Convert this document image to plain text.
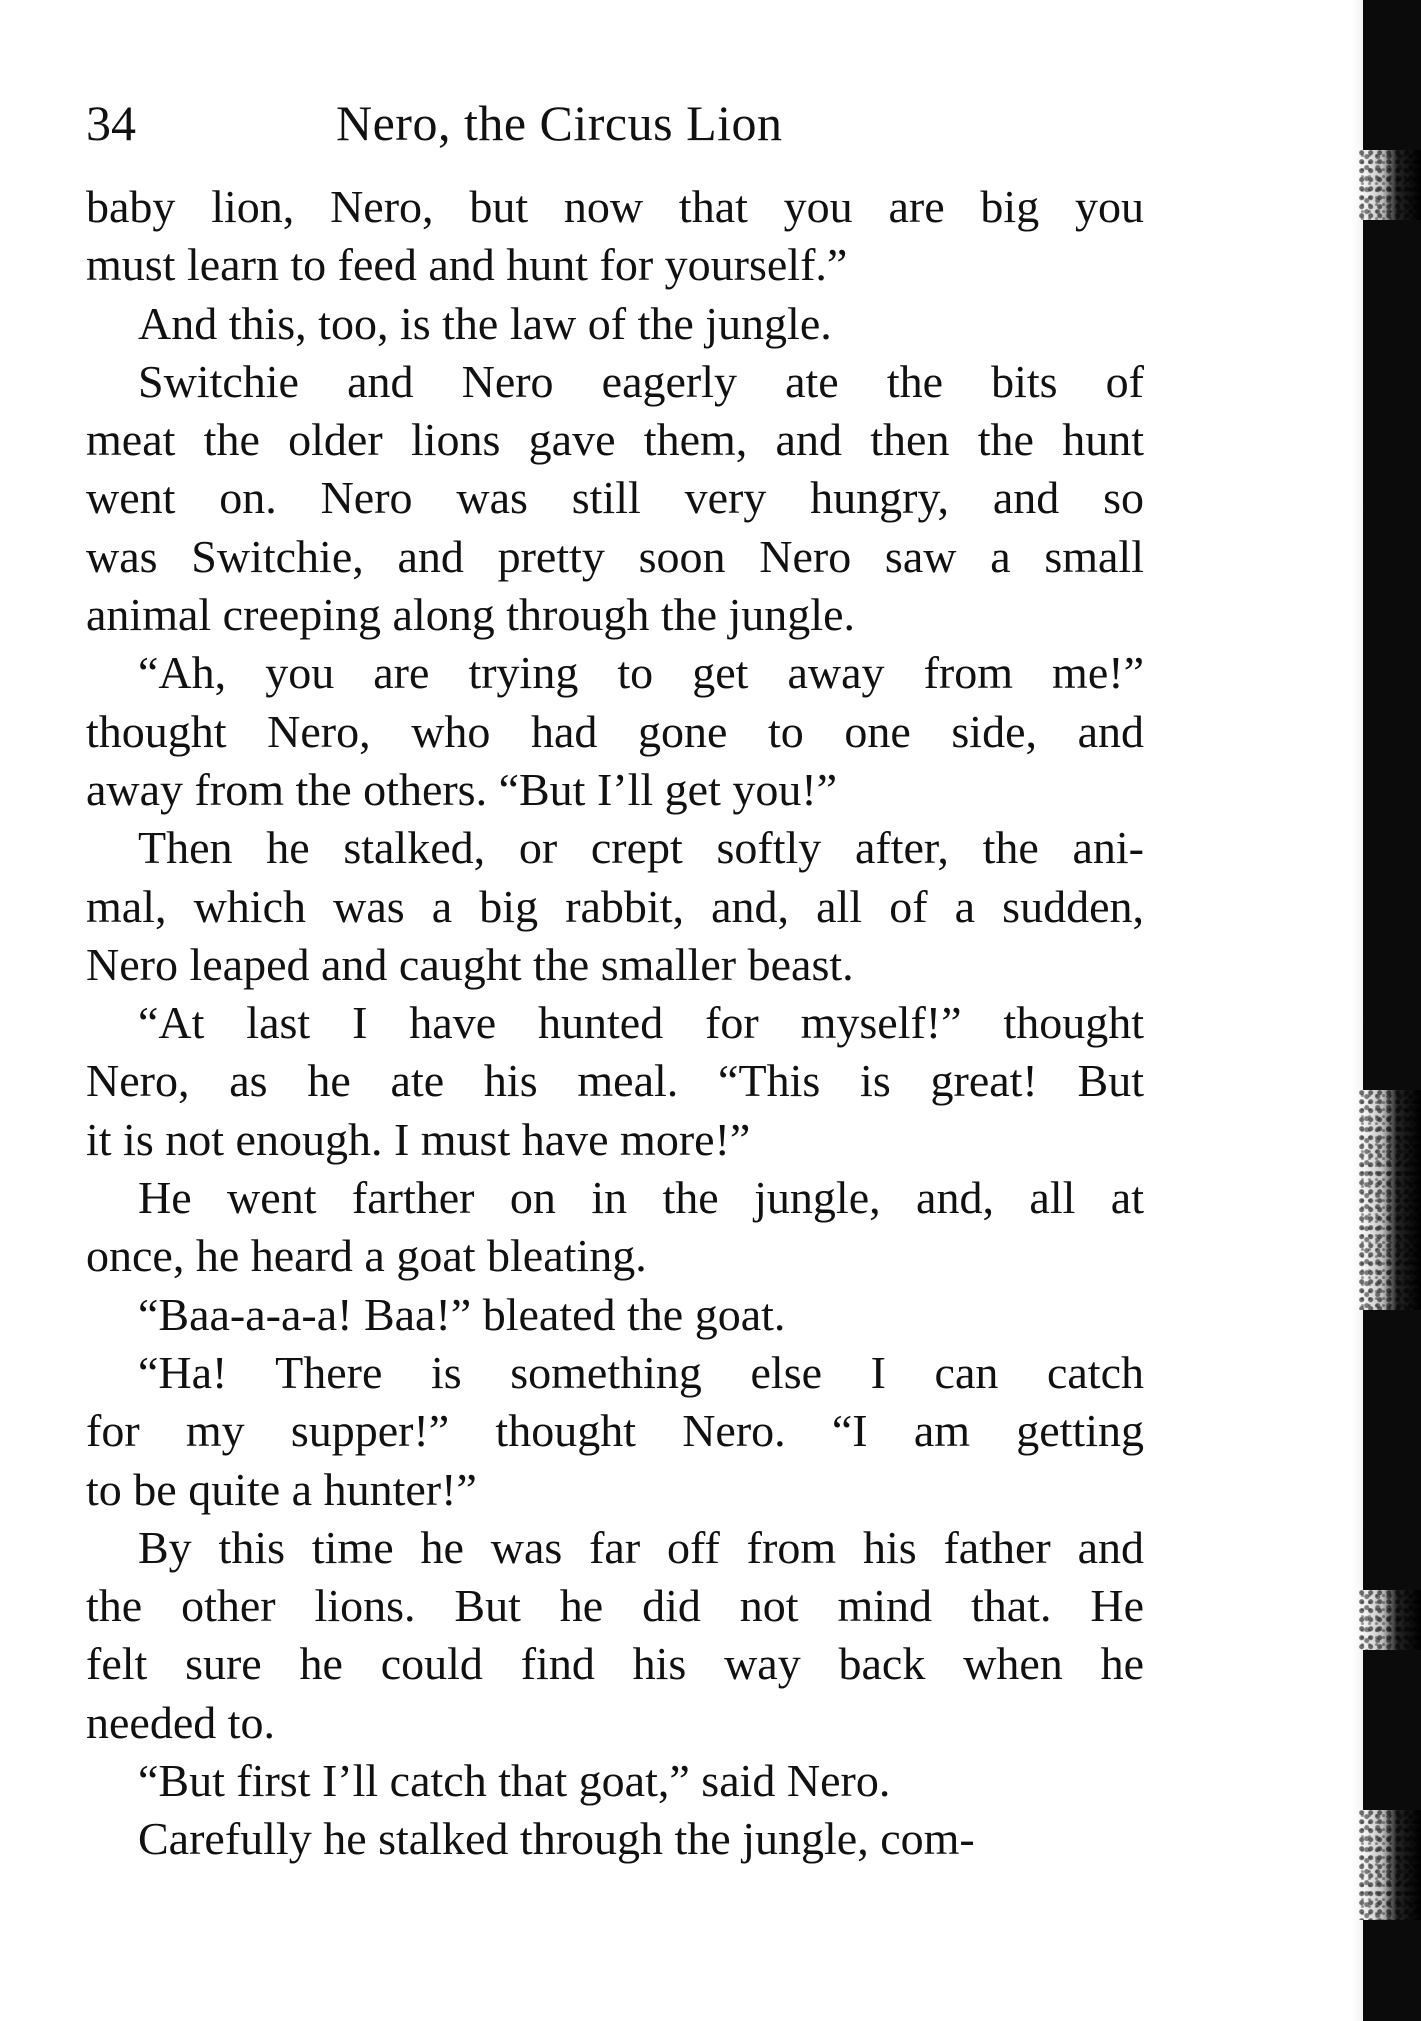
34	Nero, the Circus Lion
baby lion, Nero, but now that you are big you
must learn to feed and hunt for yourself.”
And this, too, is the law of the jungle.
Switchie and Nero eagerly ate the bits of
meat the older lions gave them, and then the hunt
went on. Nero was still very hungry, and so
was Switchie, and pretty soon Nero saw a small
animal creeping along through the jungle.
“Ah, you are trying to get away from me!”
thought Nero, who had gone to one side, and
away from the others. “But I’ll get you!”
Then he stalked, or crept softly after, the ani-
mal, which was a big rabbit, and, all of a sudden,
Nero leaped and caught the smaller beast.
“At last I have hunted for myself!” thought
Nero, as he ate his meal. “This is great! But
it is not enough. I must have more!”
He went farther on in the jungle, and, all at
once, he heard a goat bleating.
“Baa-a-a-a! Baa!” bleated the goat.
“Ha! There is something else I can catch
for my supper!” thought Nero. “I am getting
to be quite a hunter!”
By this time he was far off from his father and
the other lions. But he did not mind that. He
felt sure he could find his way back when he
needed to.
“But first I’ll catch that goat,” said Nero.
Carefully he stalked through the jungle, com-
